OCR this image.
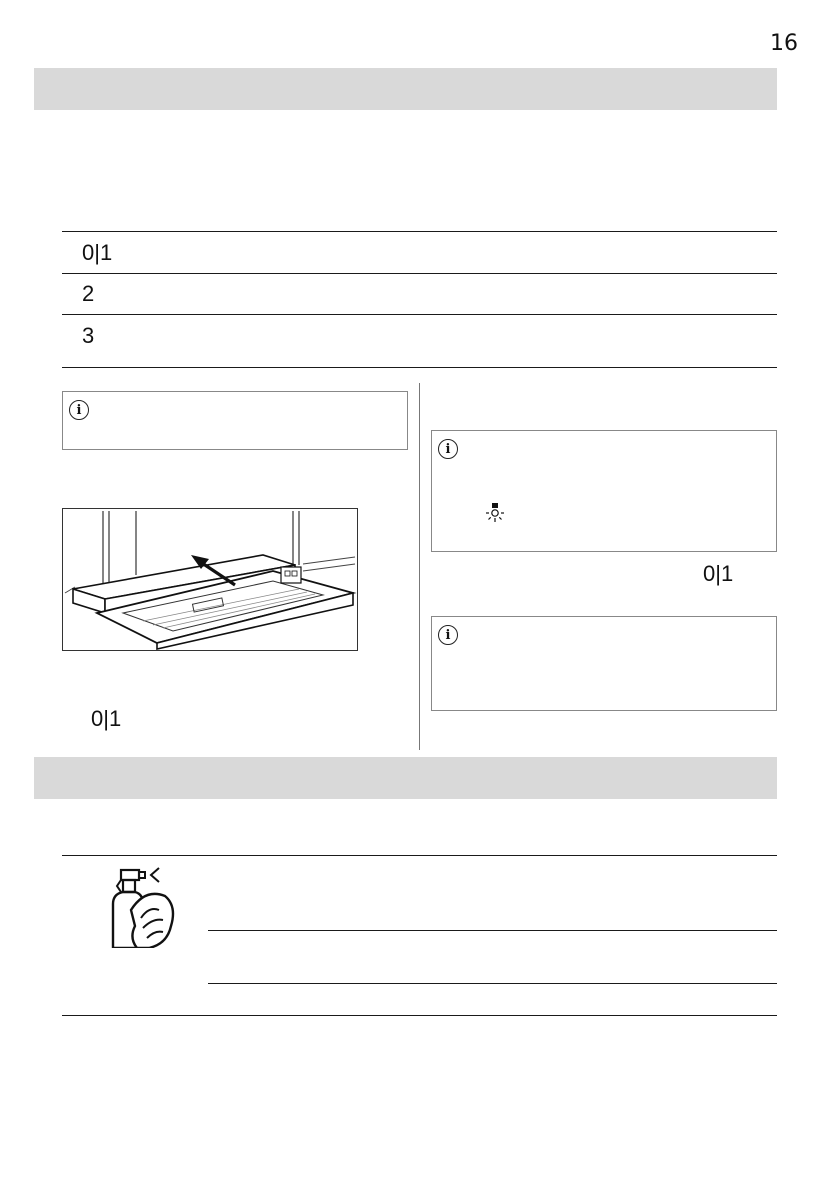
16
0|1
2
3
i
0|1
i
0|1
i
